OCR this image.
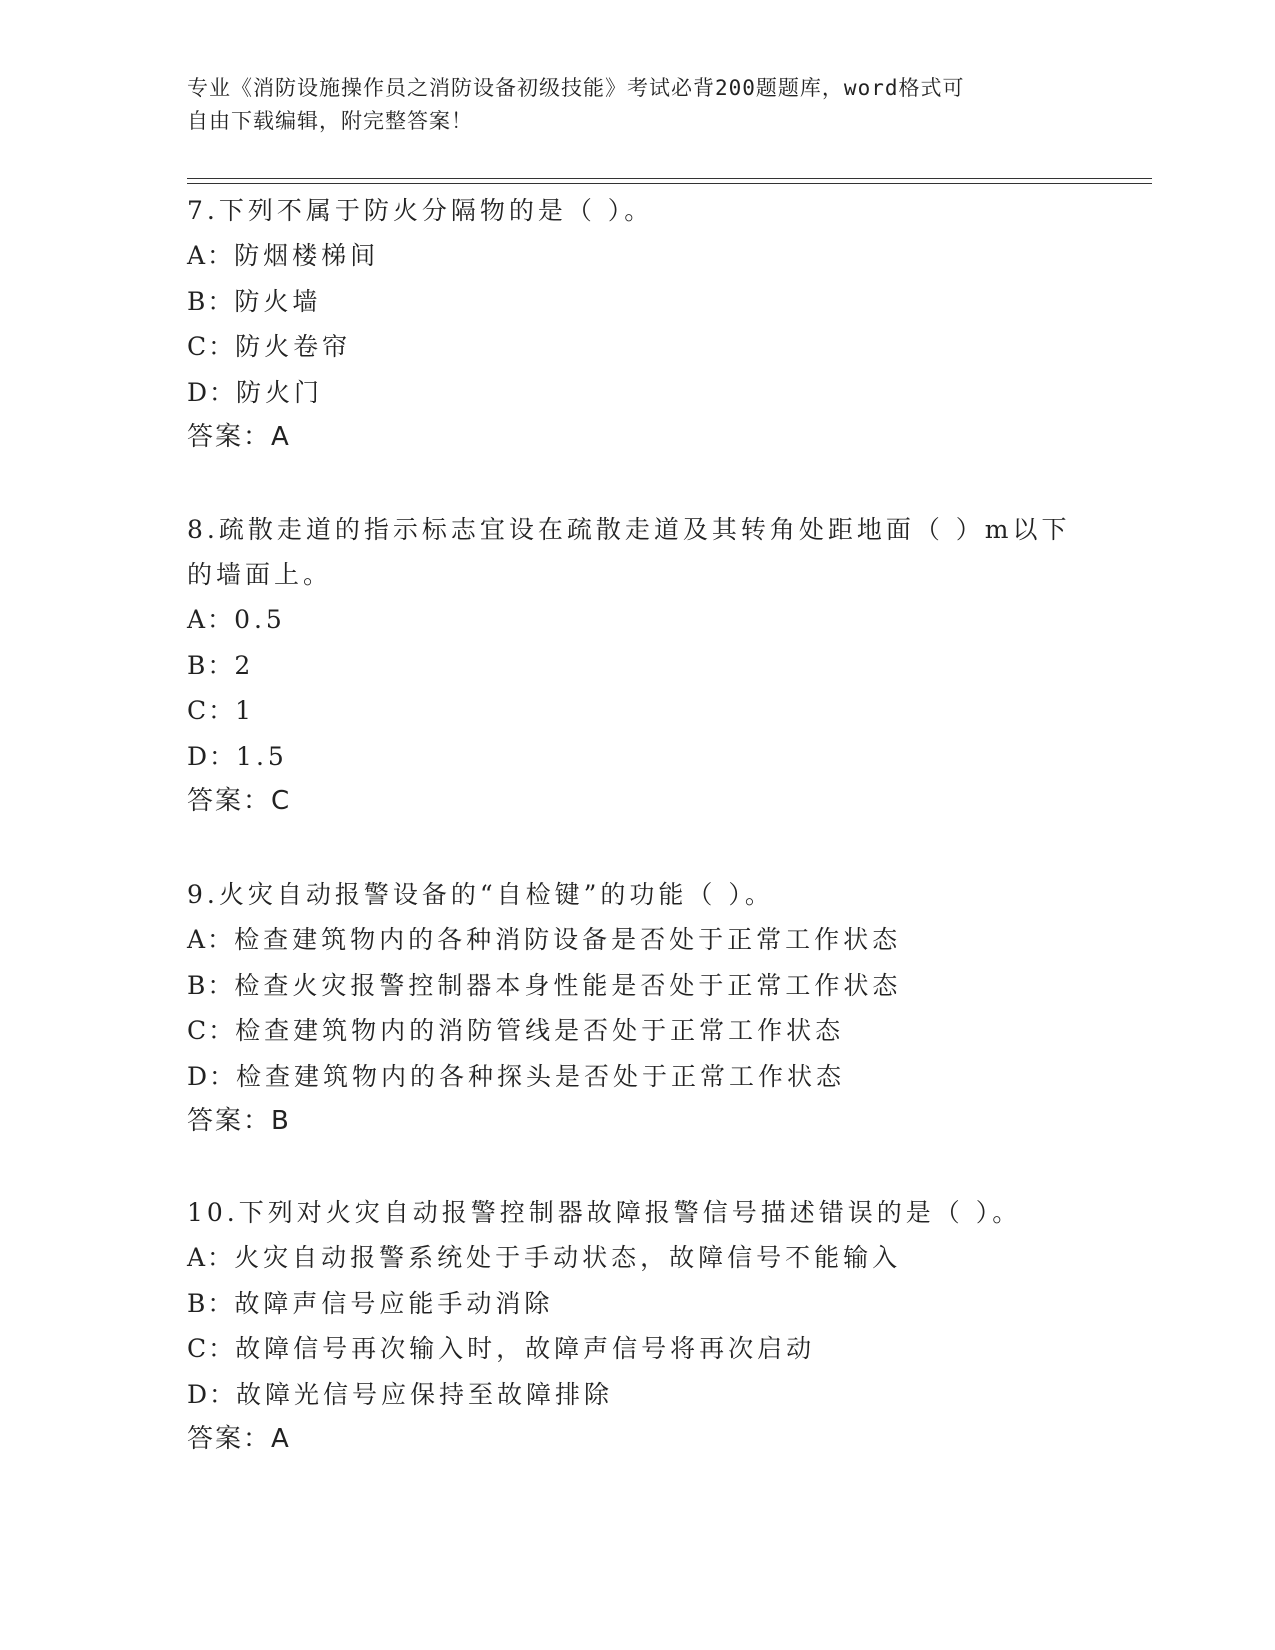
专业《消防设施操作员之消防设备初级技能》考试必背200题题库，word格式可
自由下载编辑，附完整答案！

7.下列不属于防火分隔物的是（ ）。

A：防烟楼梯间

B：防火墙

C：防火卷帘

D：防火门

答案：A

8.疏散走道的指示标志宜设在疏散走道及其转角处距地面（ ）m以下的墙面上。

A：0.5

B：2

C：1

D：1.5

答案：C

9.火灾自动报警设备的“自检键”的功能（ ）。

A：检查建筑物内的各种消防设备是否处于正常工作状态

B：检查火灾报警控制器本身性能是否处于正常工作状态

C：检查建筑物内的消防管线是否处于正常工作状态

D：检查建筑物内的各种探头是否处于正常工作状态

答案：B

10.下列对火灾自动报警控制器故障报警信号描述错误的是（ ）。

A：火灾自动报警系统处于手动状态，故障信号不能输入

B：故障声信号应能手动消除

C：故障信号再次输入时，故障声信号将再次启动

D：故障光信号应保持至故障排除

答案：A
